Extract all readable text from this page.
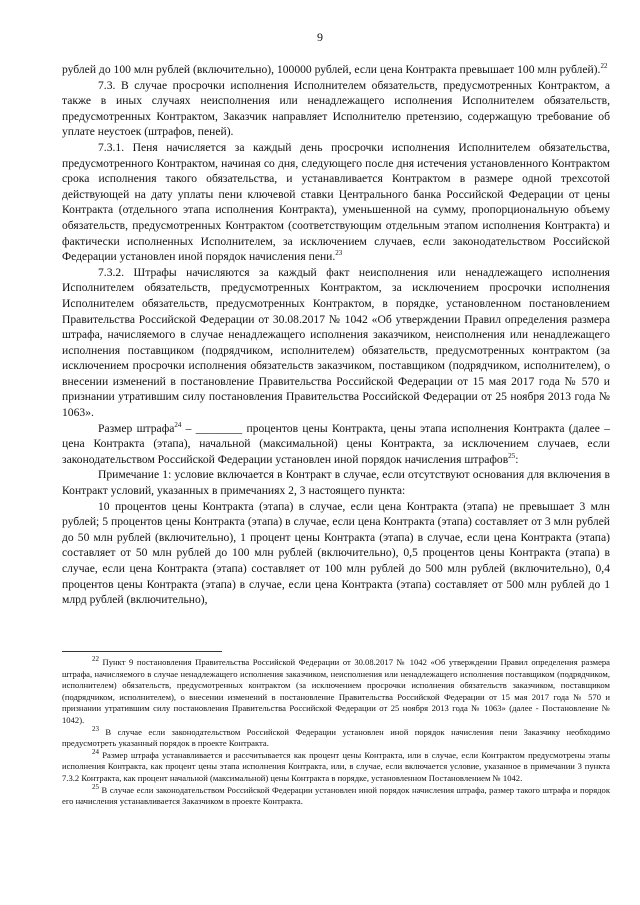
9

рублей до 100 млн рублей (включительно), 100000 рублей, если цена Контракта превышает 100 млн рублей).$^{22}$

7.3. В случае просрочки исполнения Исполнителем обязательств, предусмотренных Контрактом, а также в иных случаях неисполнения или ненадлежащего исполнения Исполнителем обязательств, предусмотренных Контрактом, Заказчик направляет Исполнителю претензию, содержащую требование об уплате неустоек (штрафов, пеней).

7.3.1. Пеня начисляется за каждый день просрочки исполнения Исполнителем обязательства, предусмотренного Контрактом, начиная со дня, следующего после дня истечения установленного Контрактом срока исполнения такого обязательства, и устанавливается Контрактом в размере одной трехсотой действующей на дату уплаты пени ключевой ставки Центрального банка Российской Федерации от цены Контракта (отдельного этапа исполнения Контракта), уменьшенной на сумму, пропорциональную объему обязательств, предусмотренных Контрактом (соответствующим отдельным этапом исполнения Контракта) и фактически исполненных Исполнителем, за исключением случаев, если законодательством Российской Федерации установлен иной порядок начисления пени.$^{23}$

7.3.2. Штрафы начисляются за каждый факт неисполнения или ненадлежащего исполнения Исполнителем обязательств, предусмотренных Контрактом, за исключением просрочки исполнения Исполнителем обязательств, предусмотренных Контрактом, в порядке, установленном постановлением Правительства Российской Федерации от 30.08.2017 № 1042 «Об утверждении Правил определения размера штрафа, начисляемого в случае ненадлежащего исполнения заказчиком, неисполнения или ненадлежащего исполнения поставщиком (подрядчиком, исполнителем) обязательств, предусмотренных контрактом (за исключением просрочки исполнения обязательств заказчиком, поставщиком (подрядчиком, исполнителем), о внесении изменений в постановление Правительства Российской Федерации от 15 мая 2017 года № 570 и признании утратившим силу постановления Правительства Российской Федерации от 25 ноября 2013 года № 1063».

Размер штрафа$^{24}$ – ________ процентов цены Контракта, цены этапа исполнения Контракта (далее – цена Контракта (этапа), начальной (максимальной) цены Контракта, за исключением случаев, если законодательством Российской Федерации установлен иной порядок начисления штрафов$^{25}$:

Примечание 1: условие включается в Контракт в случае, если отсутствуют основания для включения в Контракт условий, указанных в примечаниях 2, 3 настоящего пункта:

10 процентов цены Контракта (этапа) в случае, если цена Контракта (этапа) не превышает 3 млн рублей; 5 процентов цены Контракта (этапа) в случае, если цена Контракта (этапа) составляет от 3 млн рублей до 50 млн рублей (включительно), 1 процент цены Контракта (этапа) в случае, если цена Контракта (этапа) составляет от 50 млн рублей до 100 млн рублей (включительно), 0,5 процентов цены Контракта (этапа) в случае, если цена Контракта (этапа) составляет от 100 млн рублей до 500 млн рублей (включительно), 0,4 процентов цены Контракта (этапа) в случае, если цена Контракта (этапа) составляет от 500 млн рублей до 1 млрд рублей (включительно),

$^{22}$ Пункт 9 постановления Правительства Российской Федерации от 30.08.2017 № 1042 «Об утверждении Правил определения размера штрафа, начисляемого в случае ненадлежащего исполнения заказчиком, неисполнения или ненадлежащего исполнения поставщиком (подрядчиком, исполнителем) обязательств, предусмотренных контрактом (за исключением просрочки исполнения обязательств заказчиком, поставщиком (подрядчиком, исполнителем), о внесении изменений в постановление Правительства Российской Федерации от 15 мая 2017 года № 570 и признании утратившим силу постановления Правительства Российской Федерации от 25 ноября 2013 года № 1063» (далее - Постановление № 1042).

$^{23}$ В случае если законодательством Российской Федерации установлен иной порядок начисления пени Заказчику необходимо предусмотреть указанный порядок в проекте Контракта.

$^{24}$ Размер штрафа устанавливается и рассчитывается как процент цены Контракта, или в случае, если Контрактом предусмотрены этапы исполнения Контракта, как процент цены этапа исполнения Контракта, или, в случае, если включается условие, указанное в примечании 3 пункта 7.3.2 Контракта, как процент начальной (максимальной) цены Контракта в порядке, установленном Постановлением № 1042.

$^{25}$ В случае если законодательством Российской Федерации установлен иной порядок начисления штрафа, размер такого штрафа и порядок его начисления устанавливается Заказчиком в проекте Контракта.
